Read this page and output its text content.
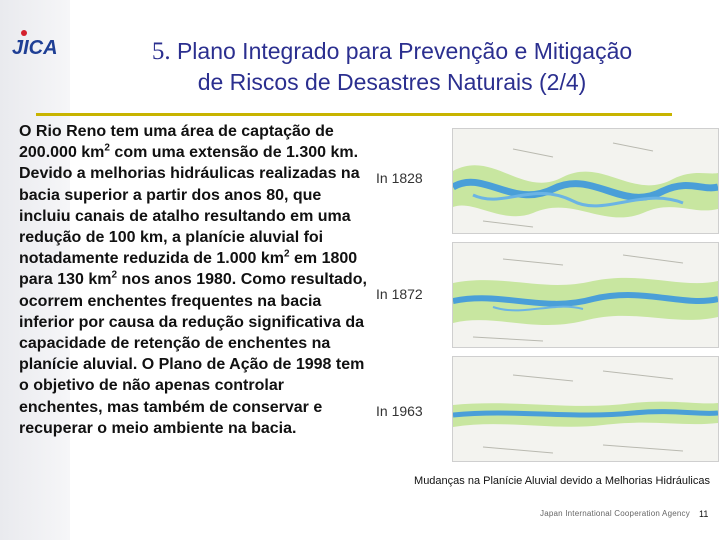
JICA	5. Plano Integrado para Prevenção e Mitigação
de Riscos de Desastres Naturais (2/4)
O Rio Reno tem uma área de captação de 200.000 $km^2$ com uma extensão de 1.300 km. Devido a melhorias hidráulicas realizadas na bacia superior a partir dos anos 80, que incluiu canais de atalho resultando em uma redução de 100 km, a planície aluvial foi notadamente reduzida de 1.000 $km^2$ em 1800 para 130 $km^2$ nos anos 1980. Como resultado, ocorrem enchentes frequentes na bacia inferior por causa da redução significativa da capacidade de retenção de enchentes na planície aluvial. O Plano de Ação de 1998 tem o objetivo de não apenas controlar enchentes, mas também de conservar e recuperar o meio ambiente na bacia.
In 1828
In 1872
In 1963
Mudanças na Planície Aluvial devido a Melhorias Hidráulicas
Japan International Cooperation Agency 11
